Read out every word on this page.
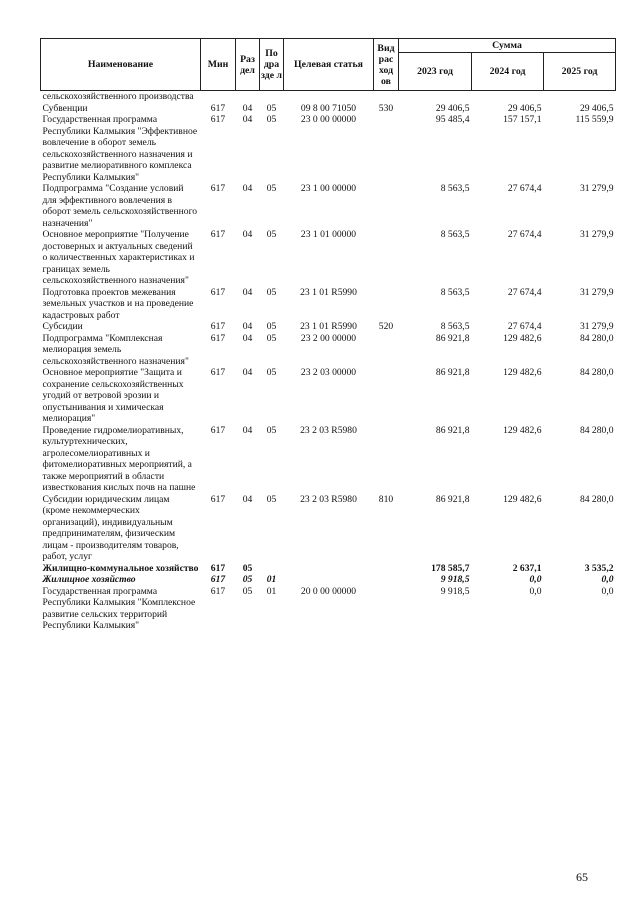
Наименование	Мин	Раз дел	По дра зде л	Целевая статья	Вид рас ход ов	Сумма		
						2023 год	2024 год	2025 год
сельскохозяйственного производства								
Субвенции	617	04	05	09 8 00 71050	530	29 406,5	29 406,5	29 406,5
Государственная программа Республики Калмыкия "Эффективное вовлечение в оборот земель сельскохозяйственного назначения и развитие мелиоративного комплекса Республики Калмыкия"	617	04	05	23 0 00 00000		95 485,4	157 157,1	115 559,9
Подпрограмма "Создание условий для эффективного вовлечения в оборот земель сельскохозяйственного назначения"	617	04	05	23 1 00 00000		8 563,5	27 674,4	31 279,9
Основное мероприятие "Получение достоверных и актуальных сведений о количественных характеристиках и границах земель сельскохозяйственного назначения"	617	04	05	23 1 01 00000		8 563,5	27 674,4	31 279,9
Подготовка проектов межевания земельных участков и на проведение кадастровых работ	617	04	05	23 1 01 R5990		8 563,5	27 674,4	31 279,9
Субсидии	617	04	05	23 1 01 R5990	520	8 563,5	27 674,4	31 279,9
Подпрограмма "Комплексная мелиорация земель сельскохозяйственного назначения"	617	04	05	23 2 00 00000		86 921,8	129 482,6	84 280,0
Основное мероприятие "Защита и сохранение сельскохозяйственных угодий от ветровой эрозии и опустынивания и химическая мелиорация"	617	04	05	23 2 03 00000		86 921,8	129 482,6	84 280,0
Проведение гидромелиоративных, культуртехнических, агролесомелиоративных и фитомелиоративных мероприятий, а также мероприятий в области известкования кислых почв на пашне	617	04	05	23 2 03 R5980		86 921,8	129 482,6	84 280,0
Субсидии юридическим лицам (кроме некоммерческих организаций), индивидуальным предпринимателям, физическим лицам - производителям товаров, работ, услуг	617	04	05	23 2 03 R5980	810	86 921,8	129 482,6	84 280,0
Жилищно-коммунальное хозяйство	617	05				178 585,7	2 637,1	3 535,2
Жилищное хозяйство	617	05	01			9 918,5	0,0	0,0
Государственная программа Республики Калмыкия "Комплексное развитие сельских территорий Республики Калмыкия"	617	05	01	20 0 00 00000		9 918,5	0,0	0,0
65
